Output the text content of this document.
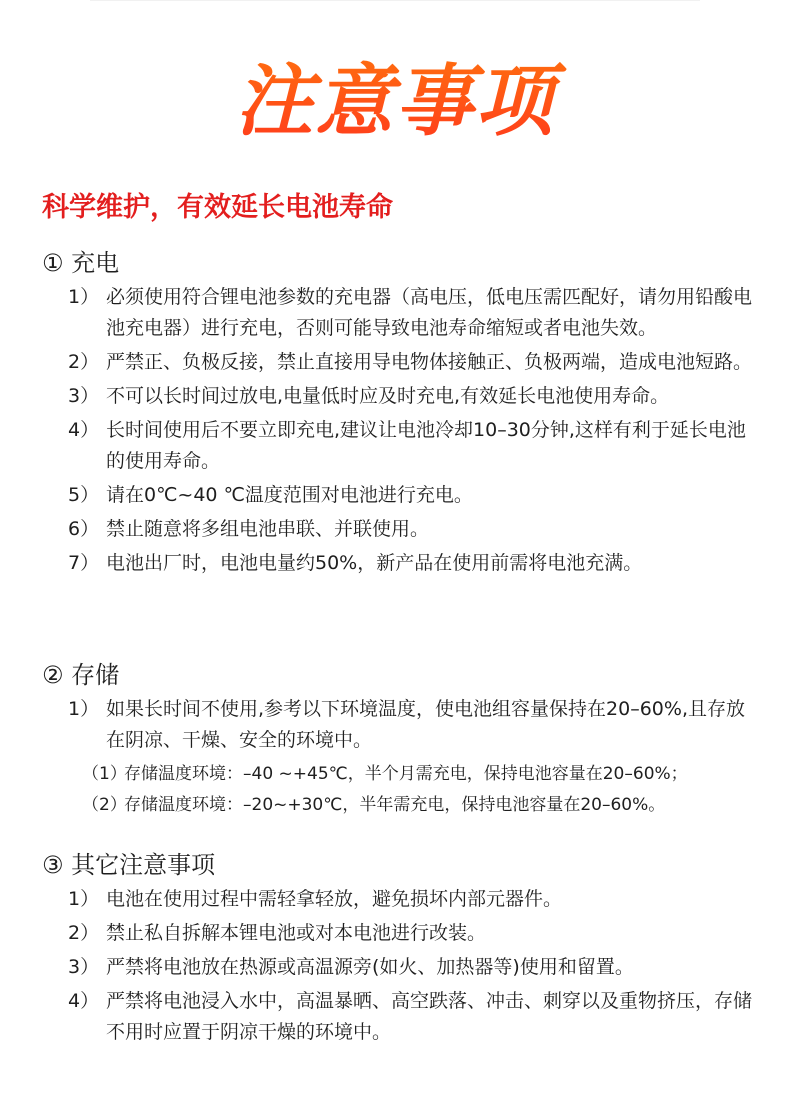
注意事项
科学维护，有效延长电池寿命
① 充电
1） 必须使用符合锂电池参数的充电器（高电压，低电压需匹配好，请勿用铅酸电池充电器）进行充电，否则可能导致电池寿命缩短或者电池失效。
2） 严禁正、负极反接，禁止直接用导电物体接触正、负极两端，造成电池短路。
3） 不可以长时间过放电,电量低时应及时充电,有效延长电池使用寿命。
4） 长时间使用后不要立即充电,建议让电池冷却10–30分钟,这样有利于延长电池的使用寿命。
5） 请在0℃~40 ℃温度范围对电池进行充电。
6） 禁止随意将多组电池串联、并联使用。
7） 电池出厂时，电池电量约50%，新产品在使用前需将电池充满。
② 存储
1） 如果长时间不使用,参考以下环境温度，使电池组容量保持在20–60%,且存放在阴凉、干燥、安全的环境中。
（1）
存储温度环境：–40 ~+45℃，半个月需充电，保持电池容量在20–60%；
（2）
存储温度环境：–20~+30℃，半年需充电，保持电池容量在20–60%。
③ 其它注意事项
1） 电池在使用过程中需轻拿轻放，避免损坏内部元器件。
2） 禁止私自拆解本锂电池或对本电池进行改装。
3） 严禁将电池放在热源或高温源旁(如火、加热器等)使用和留置。
4） 严禁将电池浸入水中，高温暴晒、高空跌落、冲击、刺穿以及重物挤压，存储不用时应置于阴凉干燥的环境中。
